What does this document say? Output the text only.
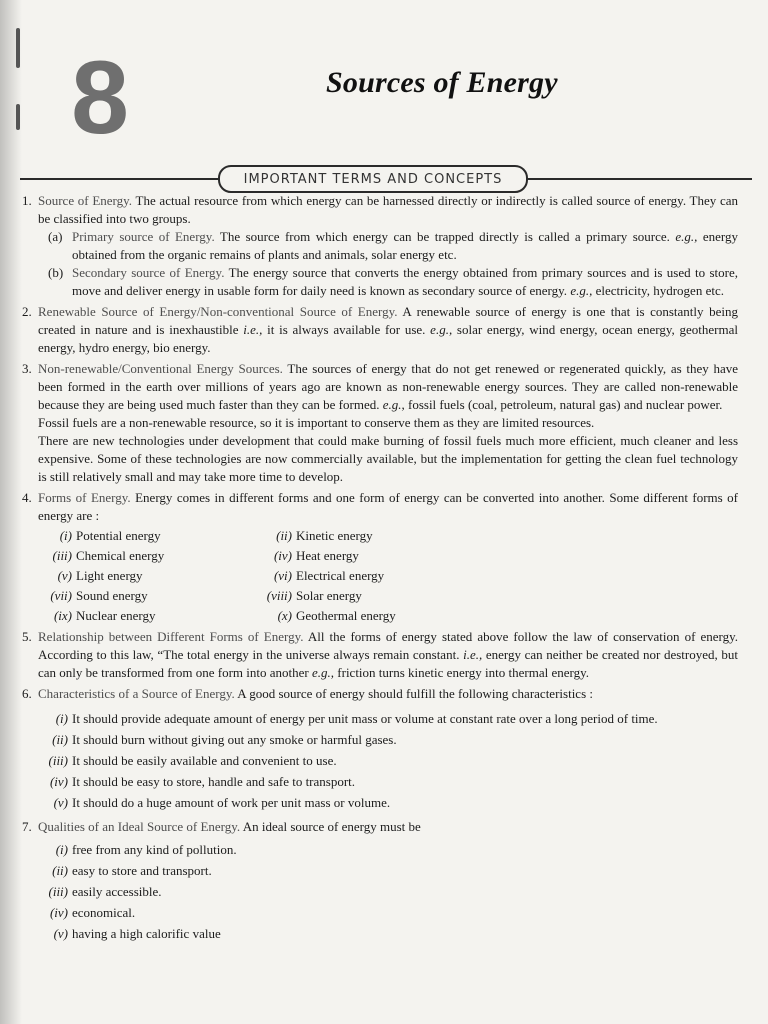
8	Sources of Energy
IMPORTANT TERMS AND CONCEPTS
1. Source of Energy. The actual resource from which energy can be harnessed directly or indirectly is called source of energy. They can be classified into two groups.
(a) Primary source of Energy. The source from which energy can be trapped directly is called a primary source. e.g., energy obtained from the organic remains of plants and animals, solar energy etc.
(b) Secondary source of Energy. The energy source that converts the energy obtained from primary sources and is used to store, move and deliver energy in usable form for daily need is known as secondary source of energy. e.g., electricity, hydrogen etc.
2. Renewable Source of Energy/Non-conventional Source of Energy. A renewable source of energy is one that is constantly being created in nature and is inexhaustible i.e., it is always available for use. e.g., solar energy, wind energy, ocean energy, geothermal energy, hydro energy, bio energy.
3. Non-renewable/Conventional Energy Sources. The sources of energy that do not get renewed or regenerated quickly, as they have been formed in the earth over millions of years ago are known as non-renewable energy sources. They are called non-renewable because they are being used much faster than they can be formed. e.g., fossil fuels (coal, petroleum, natural gas) and nuclear power.
Fossil fuels are a non-renewable resource, so it is important to conserve them as they are limited resources.
There are new technologies under development that could make burning of fossil fuels much more efficient, much cleaner and less expensive. Some of these technologies are now commercially available, but the implementation for getting the clean fuel technology is still relatively small and may take more time to develop.
4. Forms of Energy. Energy comes in different forms and one form of energy can be converted into another. Some different forms of energy are :
(i) Potential energy	(ii) Kinetic energy
(iii) Chemical energy	(iv) Heat energy
(v) Light energy	(vi) Electrical energy
(vii) Sound energy	(viii) Solar energy
(ix) Nuclear energy	(x) Geothermal energy
5. Relationship between Different Forms of Energy. All the forms of energy stated above follow the law of conservation of energy. According to this law, “The total energy in the universe always remain constant. i.e., energy can neither be created nor destroyed, but can only be transformed from one form into another e.g., friction turns kinetic energy into thermal energy.
6. Characteristics of a Source of Energy. A good source of energy should fulfill the following characteristics :
(i) It should provide adequate amount of energy per unit mass or volume at constant rate over a long period of time.
(ii) It should burn without giving out any smoke or harmful gases.
(iii) It should be easily available and convenient to use.
(iv) It should be easy to store, handle and safe to transport.
(v) It should do a huge amount of work per unit mass or volume.
7. Qualities of an Ideal Source of Energy. An ideal source of energy must be
(i) free from any kind of pollution.
(ii) easy to store and transport.
(iii) easily accessible.
(iv) economical.
(v) having a high calorific value
